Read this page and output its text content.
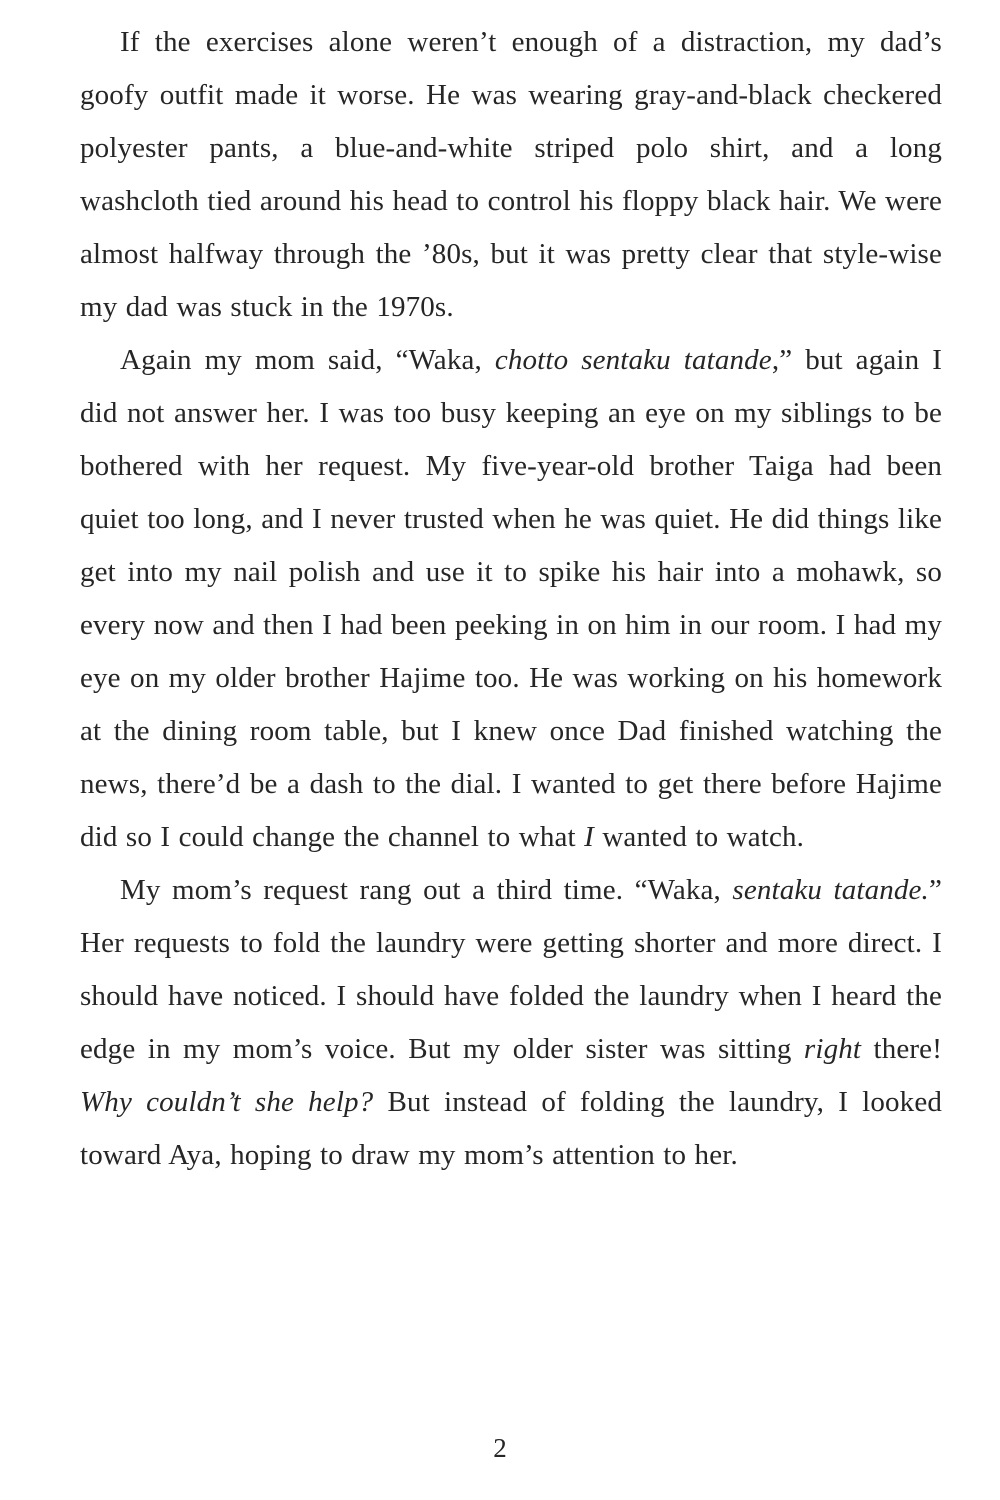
If the exercises alone weren’t enough of a distraction, my dad’s goofy outfit made it worse. He was wearing gray-and-black checkered polyester pants, a blue-and-white striped polo shirt, and a long washcloth tied around his head to control his floppy black hair. We were almost halfway through the ’80s, but it was pretty clear that style-wise my dad was stuck in the 1970s.

Again my mom said, “Waka, chotto sentaku tatande,” but again I did not answer her. I was too busy keeping an eye on my siblings to be bothered with her request. My five-year-old brother Taiga had been quiet too long, and I never trusted when he was quiet. He did things like get into my nail polish and use it to spike his hair into a mohawk, so every now and then I had been peeking in on him in our room. I had my eye on my older brother Hajime too. He was working on his homework at the dining room table, but I knew once Dad finished watching the news, there’d be a dash to the dial. I wanted to get there before Hajime did so I could change the channel to what I wanted to watch.

My mom’s request rang out a third time. “Waka, sentaku tatande.” Her requests to fold the laundry were getting shorter and more direct. I should have noticed. I should have folded the laundry when I heard the edge in my mom’s voice. But my older sister was sitting right there! Why couldn’t she help? But instead of folding the laundry, I looked toward Aya, hoping to draw my mom’s attention to her.

2
